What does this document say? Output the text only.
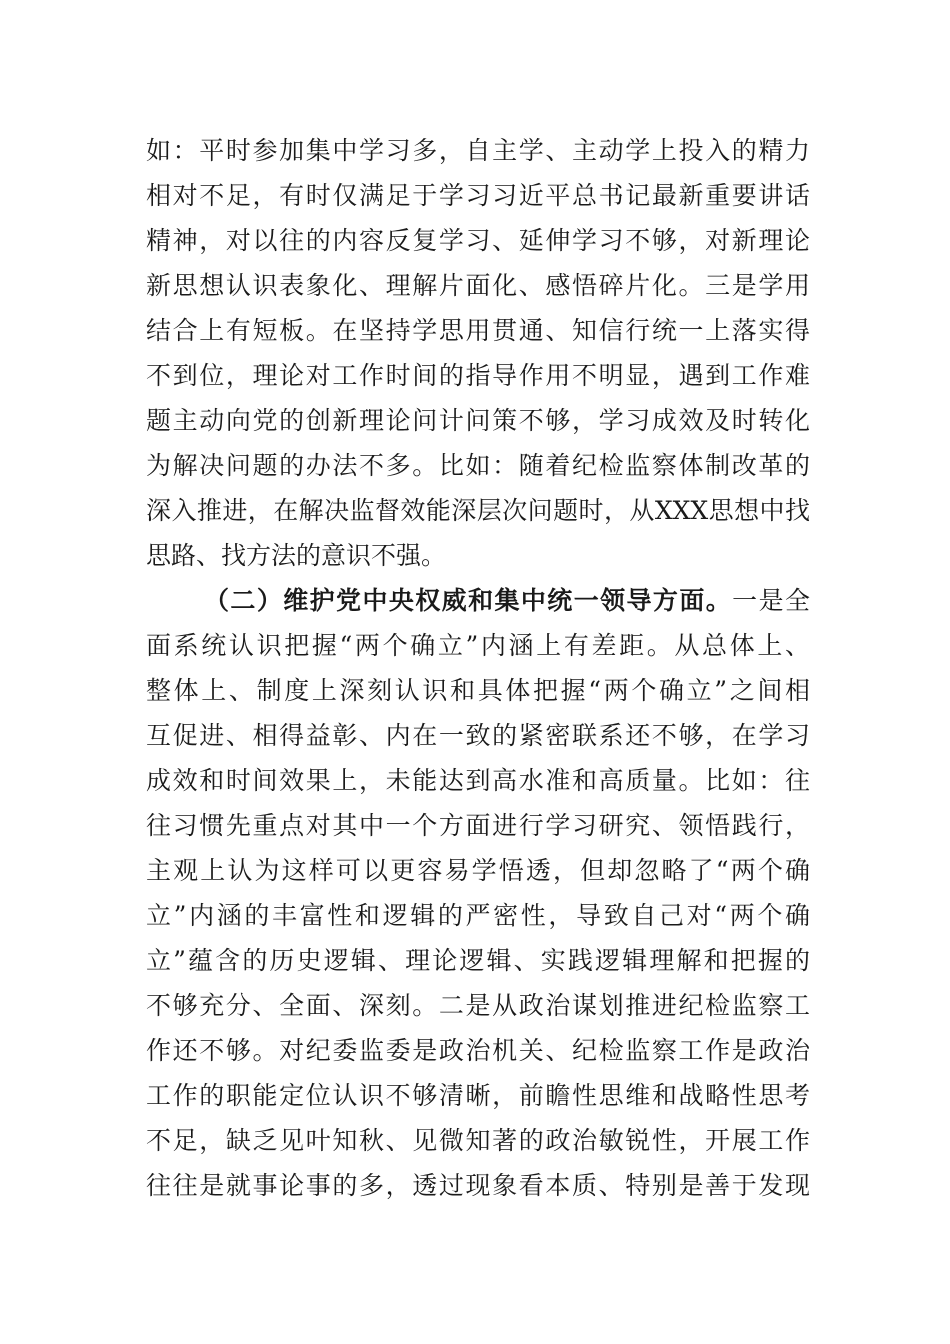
如：平时参加集中学习多，自主学、主动学上投入的精力
相对不足，有时仅满足于学习习近平总书记最新重要讲话
精神，对以往的内容反复学习、延伸学习不够，对新理论
新思想认识表象化、理解片面化、感悟碎片化。三是学用
结合上有短板。在坚持学思用贯通、知信行统一上落实得
不到位，理论对工作时间的指导作用不明显，遇到工作难
题主动向党的创新理论问计问策不够，学习成效及时转化
为解决问题的办法不多。比如：随着纪检监察体制改革的
深入推进，在解决监督效能深层次问题时，从XXX思想中找
思路、找方法的意识不强。
（二）维护党中央权威和集中统一领导方面。一是全
面系统认识把握“两个确立”内涵上有差距。从总体上、
整体上、制度上深刻认识和具体把握“两个确立”之间相
互促进、相得益彰、内在一致的紧密联系还不够，在学习
成效和时间效果上，未能达到高水准和高质量。比如：往
往习惯先重点对其中一个方面进行学习研究、领悟践行，
主观上认为这样可以更容易学悟透，但却忽略了“两个确
立”内涵的丰富性和逻辑的严密性，导致自己对“两个确
立”蕴含的历史逻辑、理论逻辑、实践逻辑理解和把握的
不够充分、全面、深刻。二是从政治谋划推进纪检监察工
作还不够。对纪委监委是政治机关、纪检监察工作是政治
工作的职能定位认识不够清晰，前瞻性思维和战略性思考
不足，缺乏见叶知秋、见微知著的政治敏锐性，开展工作
往往是就事论事的多，透过现象看本质、特别是善于发现
